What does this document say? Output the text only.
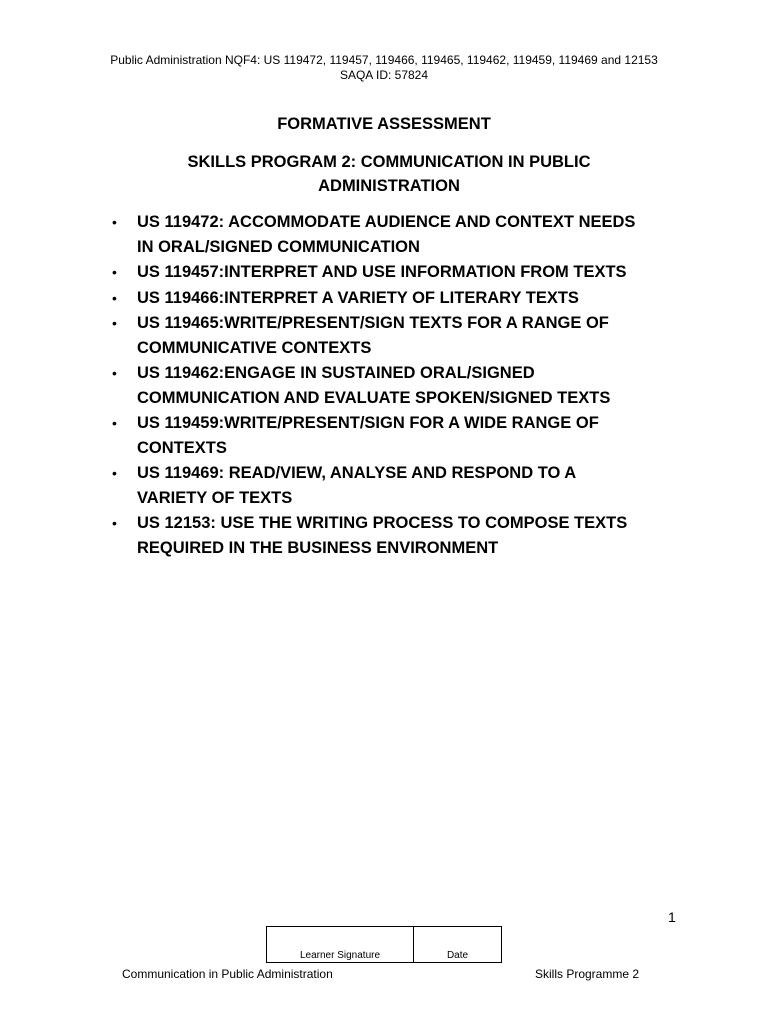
Public Administration NQF4: US 119472, 119457, 119466, 119465, 119462, 119459, 119469 and 12153
SAQA ID: 57824
FORMATIVE ASSESSMENT
SKILLS PROGRAM 2: COMMUNICATION IN PUBLIC
ADMINISTRATION
•	US 119472: ACCOMMODATE AUDIENCE AND CONTEXT NEEDS
IN ORAL/SIGNED COMMUNICATION
•	US 119457:INTERPRET AND USE INFORMATION FROM TEXTS
•	US 119466:INTERPRET A VARIETY OF LITERARY TEXTS
•	US 119465:WRITE/PRESENT/SIGN TEXTS FOR A RANGE OF
COMMUNICATIVE CONTEXTS
•	US 119462:ENGAGE IN SUSTAINED ORAL/SIGNED
COMMUNICATION AND EVALUATE SPOKEN/SIGNED TEXTS
•	US 119459:WRITE/PRESENT/SIGN FOR A WIDE RANGE OF
CONTEXTS
•	US 119469: READ/VIEW, ANALYSE AND RESPOND TO A
VARIETY OF TEXTS
•	US 12153: USE THE WRITING PROCESS TO COMPOSE TEXTS
REQUIRED IN THE BUSINESS ENVIRONMENT
1
Learner Signature	Date
Communication in Public Administration	Skills Programme 2
